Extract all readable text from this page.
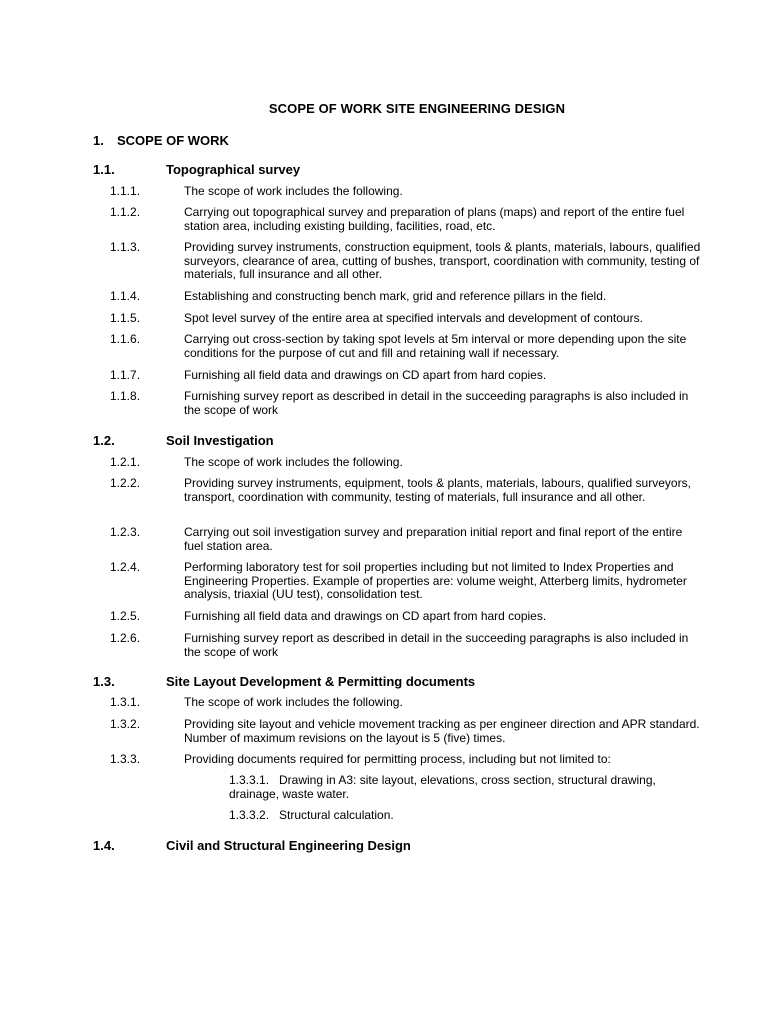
SCOPE OF WORK SITE ENGINEERING DESIGN
1. SCOPE OF WORK
1.1.	Topographical survey
1.1.1.	The scope of work includes the following.
1.1.2.	Carrying out topographical survey and preparation of plans (maps) and report of the entire fuel station area, including existing building, facilities, road, etc.
1.1.3.	Providing survey instruments, construction equipment, tools & plants, materials, labours, qualified surveyors, clearance of area, cutting of bushes, transport, coordination with community, testing of materials, full insurance and all other.
1.1.4.	Establishing and constructing bench mark, grid and reference pillars in the field.
1.1.5.	Spot level survey of the entire area at specified intervals and development of contours.
1.1.6.	Carrying out cross-section by taking spot levels at 5m interval or more depending upon the site conditions for the purpose of cut and fill and retaining wall if necessary.
1.1.7.	Furnishing all field data and drawings on CD apart from hard copies.
1.1.8.	Furnishing survey report as described in detail in the succeeding paragraphs is also included in the scope of work
1.2.	Soil Investigation
1.2.1.	The scope of work includes the following.
1.2.2.	Providing survey instruments, equipment, tools & plants, materials, labours, qualified surveyors, transport, coordination with community, testing of materials, full insurance and all other.
1.2.3.	Carrying out soil investigation survey and preparation initial report and final report of the entire fuel station area.
1.2.4.	Performing laboratory test for soil properties including but not limited to Index Properties and Engineering Properties. Example of properties are: volume weight, Atterberg limits, hydrometer analysis, triaxial (UU test), consolidation test.
1.2.5.	Furnishing all field data and drawings on CD apart from hard copies.
1.2.6.	Furnishing survey report as described in detail in the succeeding paragraphs is also included in the scope of work
1.3.	Site Layout Development & Permitting documents
1.3.1.	The scope of work includes the following.
1.3.2.	Providing site layout and vehicle movement tracking as per engineer direction and APR standard. Number of maximum revisions on the layout is 5 (five) times.
1.3.3.	Providing documents required for permitting process, including but not limited to:
1.3.3.1. Drawing in A3: site layout, elevations, cross section, structural drawing, drainage, waste water.
1.3.3.2. Structural calculation.
1.4.	Civil and Structural Engineering Design
